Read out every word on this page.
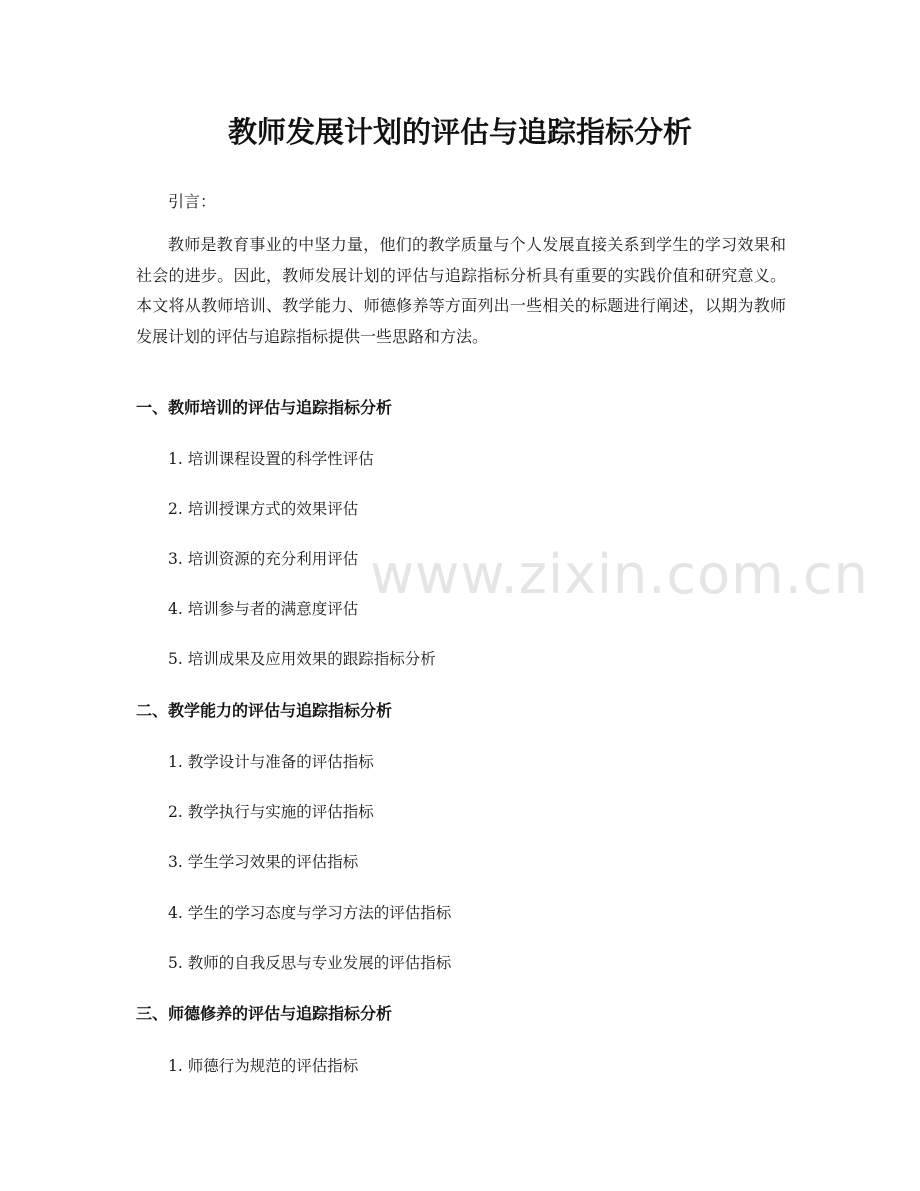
教师发展计划的评估与追踪指标分析

引言：

教师是教育事业的中坚力量，他们的教学质量与个人发展直接关系到学生的学习效果和社会的进步。因此，教师发展计划的评估与追踪指标分析具有重要的实践价值和研究意义。本文将从教师培训、教学能力、师德修养等方面列出一些相关的标题进行阐述，以期为教师发展计划的评估与追踪指标提供一些思路和方法。

一、教师培训的评估与追踪指标分析

1. 培训课程设置的科学性评估

2. 培训授课方式的效果评估

3. 培训资源的充分利用评估

4. 培训参与者的满意度评估

5. 培训成果及应用效果的跟踪指标分析

二、教学能力的评估与追踪指标分析

1. 教学设计与准备的评估指标

2. 教学执行与实施的评估指标

3. 学生学习效果的评估指标

4. 学生的学习态度与学习方法的评估指标

5. 教师的自我反思与专业发展的评估指标

三、师德修养的评估与追踪指标分析

1. 师德行为规范的评估指标

www.zixin.com.cn
